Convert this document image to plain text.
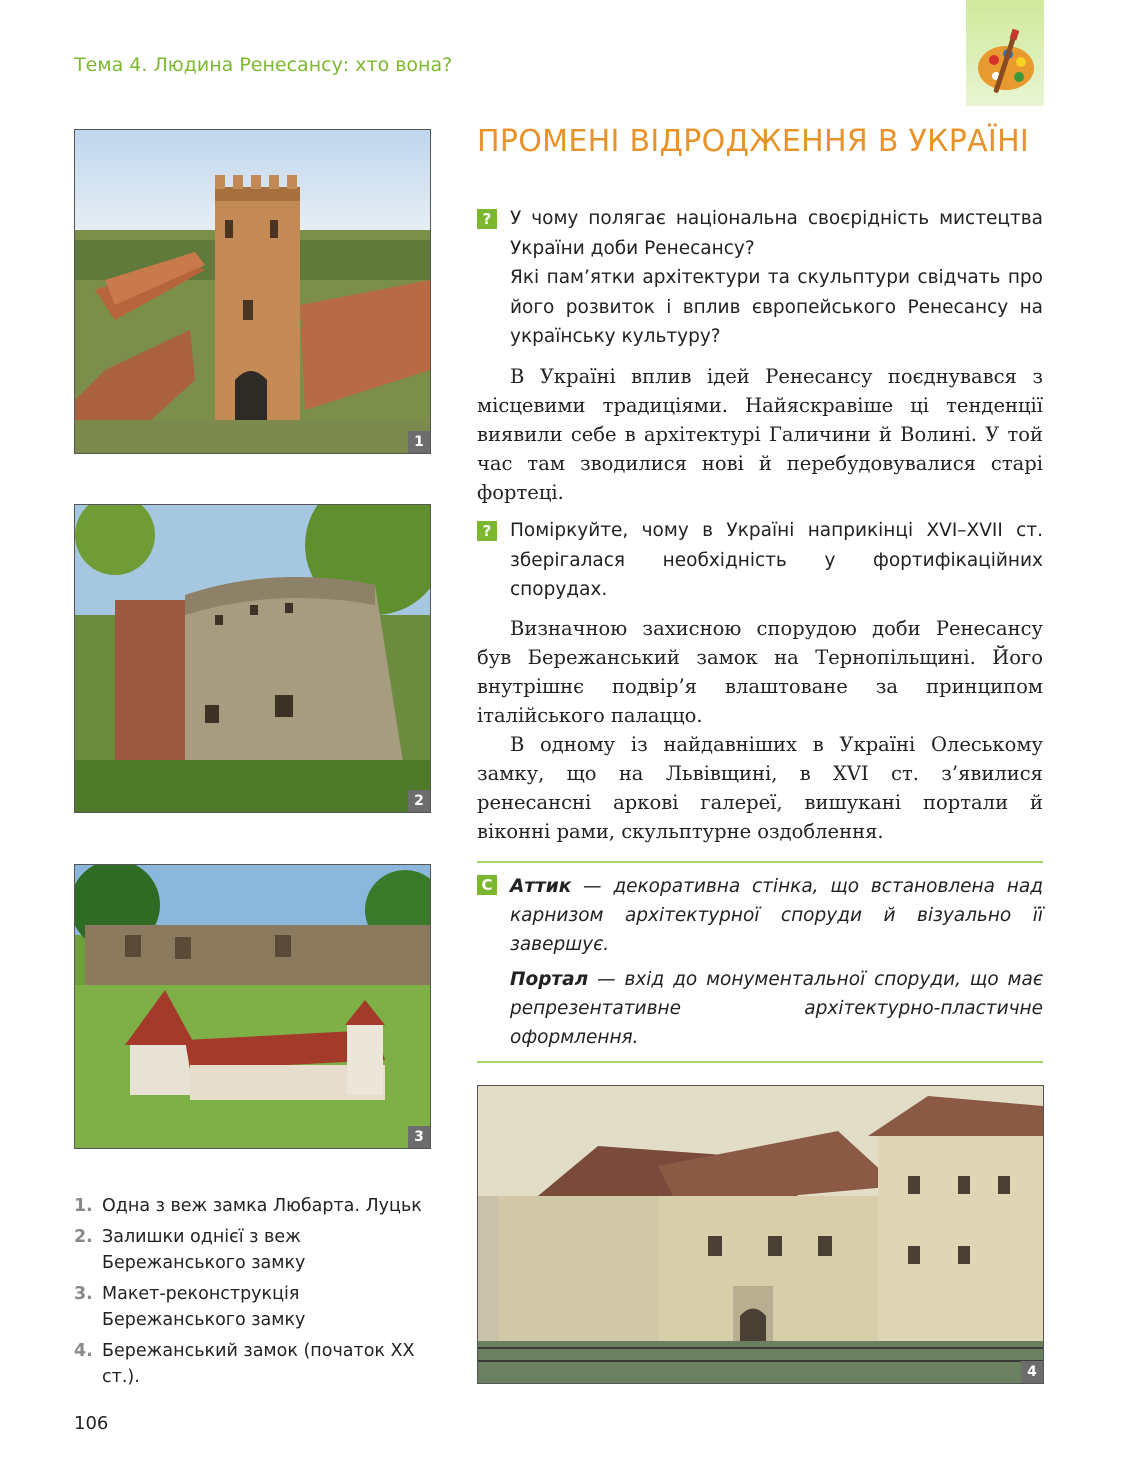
Тема 4. Людина Ренесансу: хто вона?
1
2
3
4
ПРОМЕНІ ВІДРОДЖЕННЯ В УКРАЇНІ
?	У чому полягає національна своєрідність мистецтва України доби Ренесансу?

Які пам’ятки архітектури та скульптури свідчать про його розвиток і вплив європейського Ренесансу на українську культуру?

В Україні вплив ідей Ренесансу поєднувався з місцевими традиціями. Найяскравіше ці тенденції виявили себе в архітектурі Галичини й Волині. У той час там зводилися нові й перебудовувалися старі фортеці.

?	Поміркуйте, чому в Україні наприкінці XVI–XVII ст. зберігалася необхідність у фортифікаційних спорудах.

Визначною захисною спорудою доби Ренесансу був Бережанський замок на Тернопільщині. Його внутрішнє подвір’я влаштоване за принципом італійського палаццо.

В одному із найдавніших в Україні Олеському замку, що на Львівщині, в XVI ст. з’явилися ренесансні аркові галереї, вишукані портали й віконні рами, скульптурне оздоблення.

С Аттик — декоративна стінка, що встановлена над карнизом архітектурної споруди й візуально її завершує.

Портал — вхід до монументальної споруди, що має репрезентативне архітектурно-пластичне оформлення.

1. Одна з веж замка Любарта. Луцьк
2. Залишки однієї з веж Бережанського замку
3. Макет-реконструкція Бережанського замку
4. Бережанський замок (початок XX ст.).
106
